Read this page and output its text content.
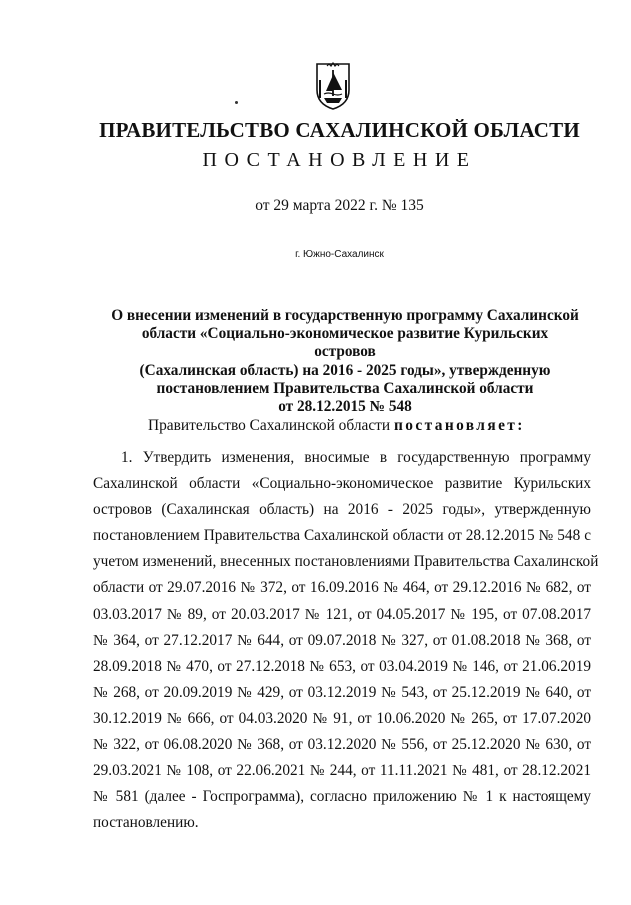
ПРАВИТЕЛЬСТВО САХАЛИНСКОЙ ОБЛАСТИ
ПОСТАНОВЛЕНИЕ
от 29 марта 2022 г. № 135
г. Южно-Сахалинск
О внесении изменений в государственную программу Сахалинской
области «Социально-экономическое развитие Курильских островов
(Сахалинская область) на 2016 - 2025 годы», утвержденную
постановлением Правительства Сахалинской области
от 28.12.2015 № 548
Правительство Сахалинской области постановляет:
1. Утвердить изменения, вносимые в государственную программу
Сахалинской области «Социально-экономическое развитие Курильских
островов (Сахалинская область) на 2016 - 2025 годы», утвержденную
постановлением Правительства Сахалинской области от 28.12.2015 № 548 с
учетом изменений, внесенных постановлениями Правительства Сахалинской
области от 29.07.2016 № 372, от 16.09.2016 № 464, от 29.12.2016 № 682, от
03.03.2017 № 89, от 20.03.2017 № 121, от 04.05.2017 № 195, от 07.08.2017
№ 364, от 27.12.2017 № 644, от 09.07.2018 № 327, от 01.08.2018 № 368, от
28.09.2018 № 470, от 27.12.2018 № 653, от 03.04.2019 № 146, от 21.06.2019
№ 268, от 20.09.2019 № 429, от 03.12.2019 № 543, от 25.12.2019 № 640, от
30.12.2019 № 666, от 04.03.2020 № 91, от 10.06.2020 № 265, от 17.07.2020
№ 322, от 06.08.2020 № 368, от 03.12.2020 № 556, от 25.12.2020 № 630, от
29.03.2021 № 108, от 22.06.2021 № 244, от 11.11.2021 № 481, от 28.12.2021
№ 581 (далее - Госпрограмма), согласно приложению № 1 к настоящему
постановлению.
